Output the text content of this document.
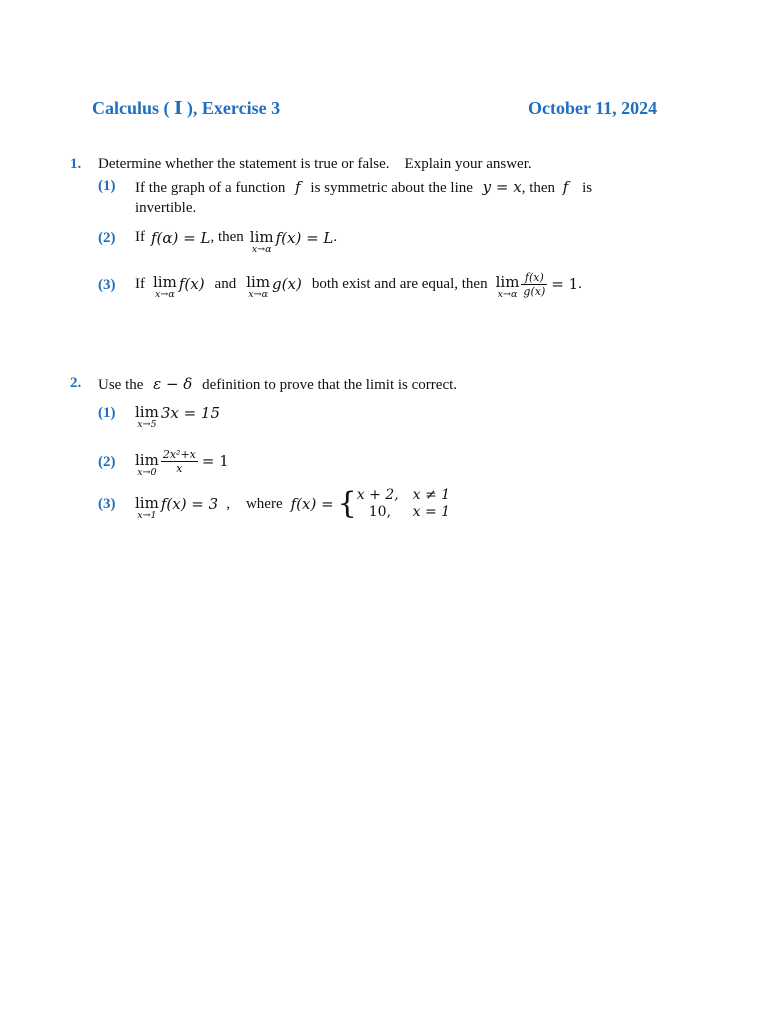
Calculus ( Ⅰ ), Exercise 3	October 11, 2024
1. Determine whether the statement is true or false.    Explain your answer.
(1) If the graph of a function f is symmetric about the line y = x, then f is
invertible.
(2) If f(α) = L , then lim
x→α
f(x) = L .
(3) If lim
x→α
f(x) and lim
x→α
g(x) both exist and are equal, then lim
$x\to\alpha \frac{f(x)}{g(x)} = 1$ .
2. Use the ε − δ definition to prove that the limit is correct.
(1) lim
x→5
3x = 15
(2) lim
$x\to 0 \frac{\text{2x²+x}}{x} = 1$
(3) lim
x→1
f(x) = 3 , where f(x) = { x + 2, x ≠ 1
10,	x = 1
